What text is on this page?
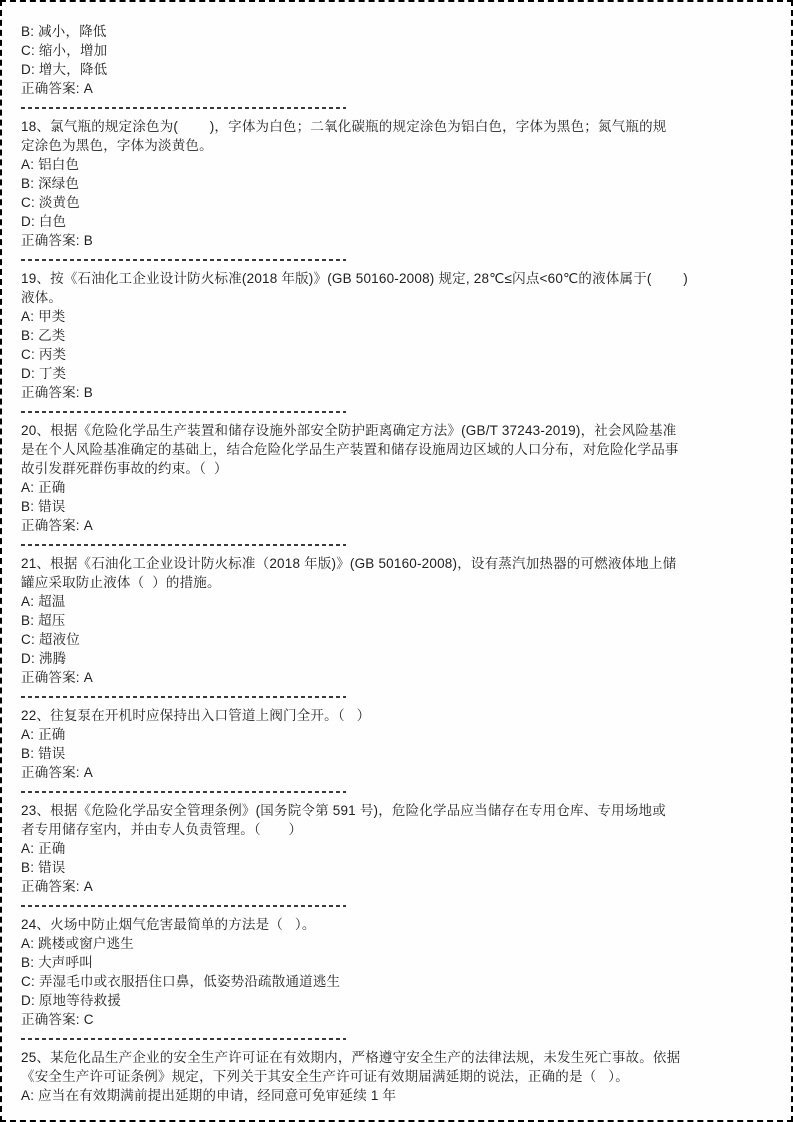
B: 减小，降低
C: 缩小，增加
D: 增大，降低
正确答案: A
18、氯气瓶的规定涂色为(        )，字体为白色；二氧化碳瓶的规定涂色为铝白色，字体为黑色；氮气瓶的规
定涂色为黑色，字体为淡黄色。
A: 铝白色
B: 深绿色
C: 淡黄色
D: 白色
正确答案: B
19、按《石油化工企业设计防火标准(2018 年版)》(GB 50160-2008) 规定, 28℃≤闪点<60℃的液体属于(        )
液体。
A: 甲类
B: 乙类
C: 丙类
D: 丁类
正确答案: B
20、根据《危险化学品生产装置和储存设施外部安全防护距离确定方法》(GB/T 37243-2019)，社会风险基准
是在个人风险基准确定的基础上，结合危险化学品生产装置和储存设施周边区域的人口分布，对危险化学品事
故引发群死群伤事故的约束。（  ）
A: 正确
B: 错误
正确答案: A
21、根据《石油化工企业设计防火标准（2018 年版)》(GB 50160-2008)，设有蒸汽加热器的可燃液体地上储
罐应采取防止液体（  ）的措施。
A: 超温
B: 超压
C: 超液位
D: 沸腾
正确答案: A
22、往复泵在开机时应保持出入口管道上阀门全开。（   ）
A: 正确
B: 错误
正确答案: A
23、根据《危险化学品安全管理条例》(国务院令第 591 号)，危险化学品应当储存在专用仓库、专用场地或
者专用储存室内，并由专人负责管理。（       ）
A: 正确
B: 错误
正确答案: A
24、火场中防止烟气危害最简单的方法是（   ）。
A: 跳楼或窗户逃生
B: 大声呼叫
C: 弄湿毛巾或衣服捂住口鼻，低姿势沿疏散通道逃生
D: 原地等待救援
正确答案: C
25、某危化品生产企业的安全生产许可证在有效期内，严格遵守安全生产的法律法规，未发生死亡事故。依据
《安全生产许可证条例》规定，下列关于其安全生产许可证有效期届满延期的说法，正确的是（   ）。
A: 应当在有效期满前提出延期的申请，经同意可免审延续 1 年
